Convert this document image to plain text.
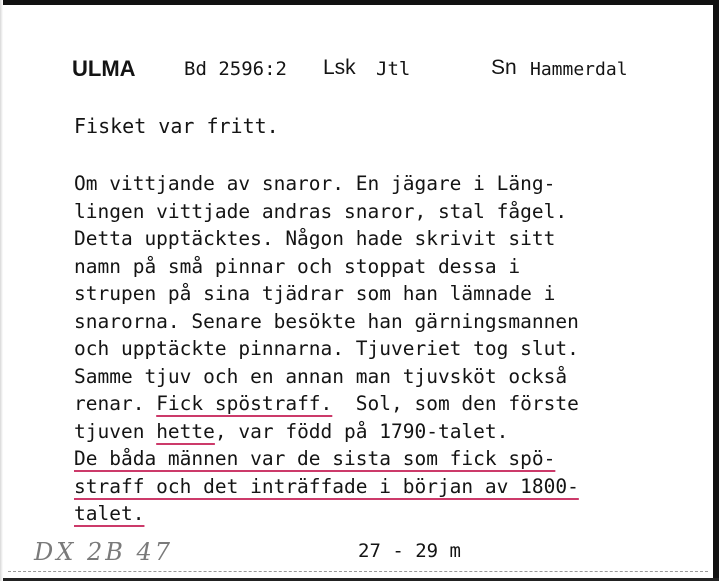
ULMA	Bd 2596:2 Lsk Jtl	Sn Hammerdal
Fisket var fritt.
Om vittjande av snaror. En jägare i Läng-
lingen vittjade andras snaror, stal fågel.
Detta upptäcktes. Någon hade skrivit sitt
namn på små pinnar och stoppat dessa i
strupen på sina tjädrar som han lämnade i
snarorna. Senare besökte han gärningsmannen
och upptäckte pinnarna. Tjuveriet tog slut.
Samme tjuv och en annan man tjuvsköt också
renar. Fick spöstraff.  Sol, som den förste
tjuven hette, var född på 1790-talet.
De båda männen var de sista som fick spö-
straff och det inträffade i början av 1800-
talet.
DX 2B 47	27 - 29 m
